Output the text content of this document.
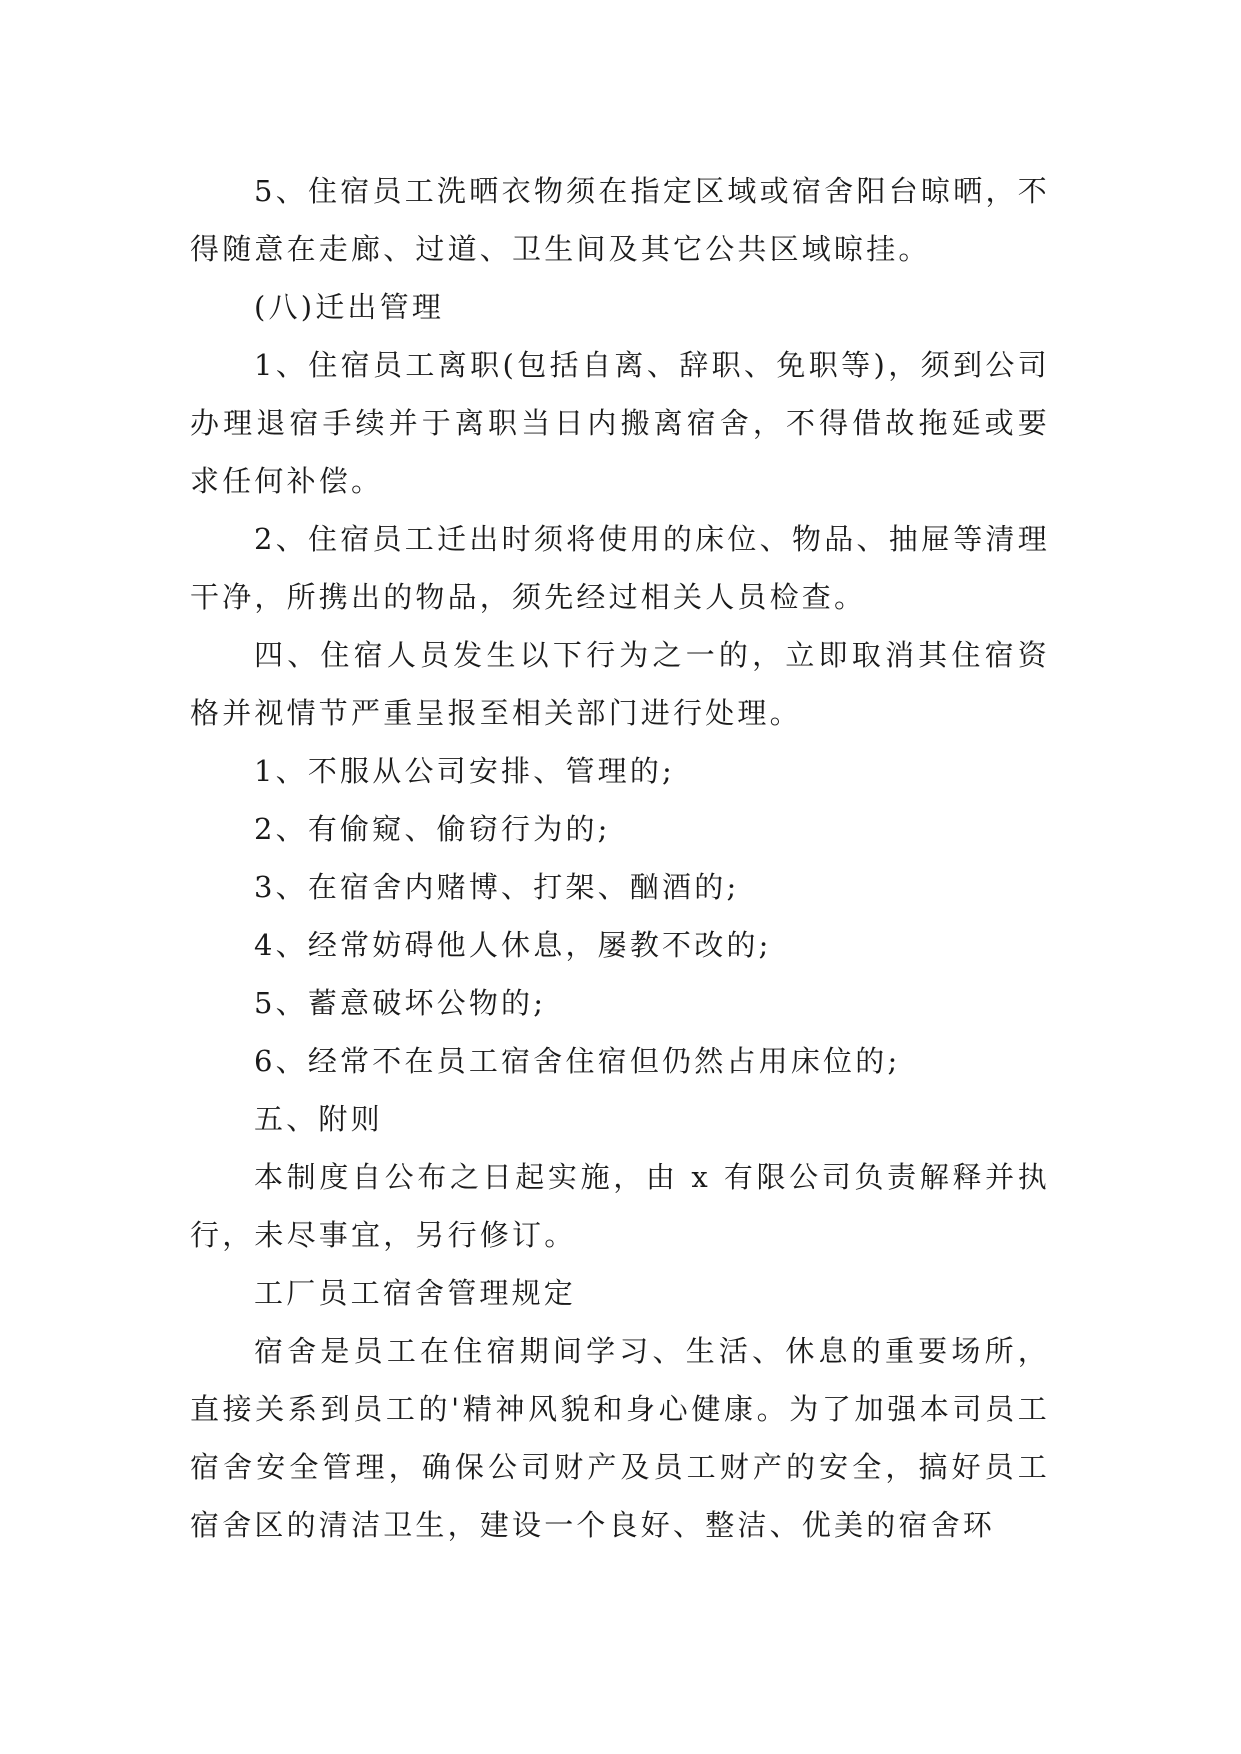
5、住宿员工洗晒衣物须在指定区域或宿舍阳台晾晒，不得随意在走廊、过道、卫生间及其它公共区域晾挂。

(八)迁出管理

1、住宿员工离职(包括自离、辞职、免职等)，须到公司办理退宿手续并于离职当日内搬离宿舍，不得借故拖延或要求任何补偿。

2、住宿员工迁出时须将使用的床位、物品、抽屉等清理干净，所携出的物品，须先经过相关人员检查。

四、住宿人员发生以下行为之一的，立即取消其住宿资格并视情节严重呈报至相关部门进行处理。

1、不服从公司安排、管理的;

2、有偷窥、偷窃行为的;

3、在宿舍内赌博、打架、酗酒的;

4、经常妨碍他人休息，屡教不改的;

5、蓄意破坏公物的;

6、经常不在员工宿舍住宿但仍然占用床位的;

五、附则

本制度自公布之日起实施，由 x 有限公司负责解释并执行，未尽事宜，另行修订。

工厂员工宿舍管理规定

宿舍是员工在住宿期间学习、生活、休息的重要场所，直接关系到员工的'精神风貌和身心健康。为了加强本司员工宿舍安全管理，确保公司财产及员工财产的安全，搞好员工宿舍区的清洁卫生，建设一个良好、整洁、优美的宿舍环
